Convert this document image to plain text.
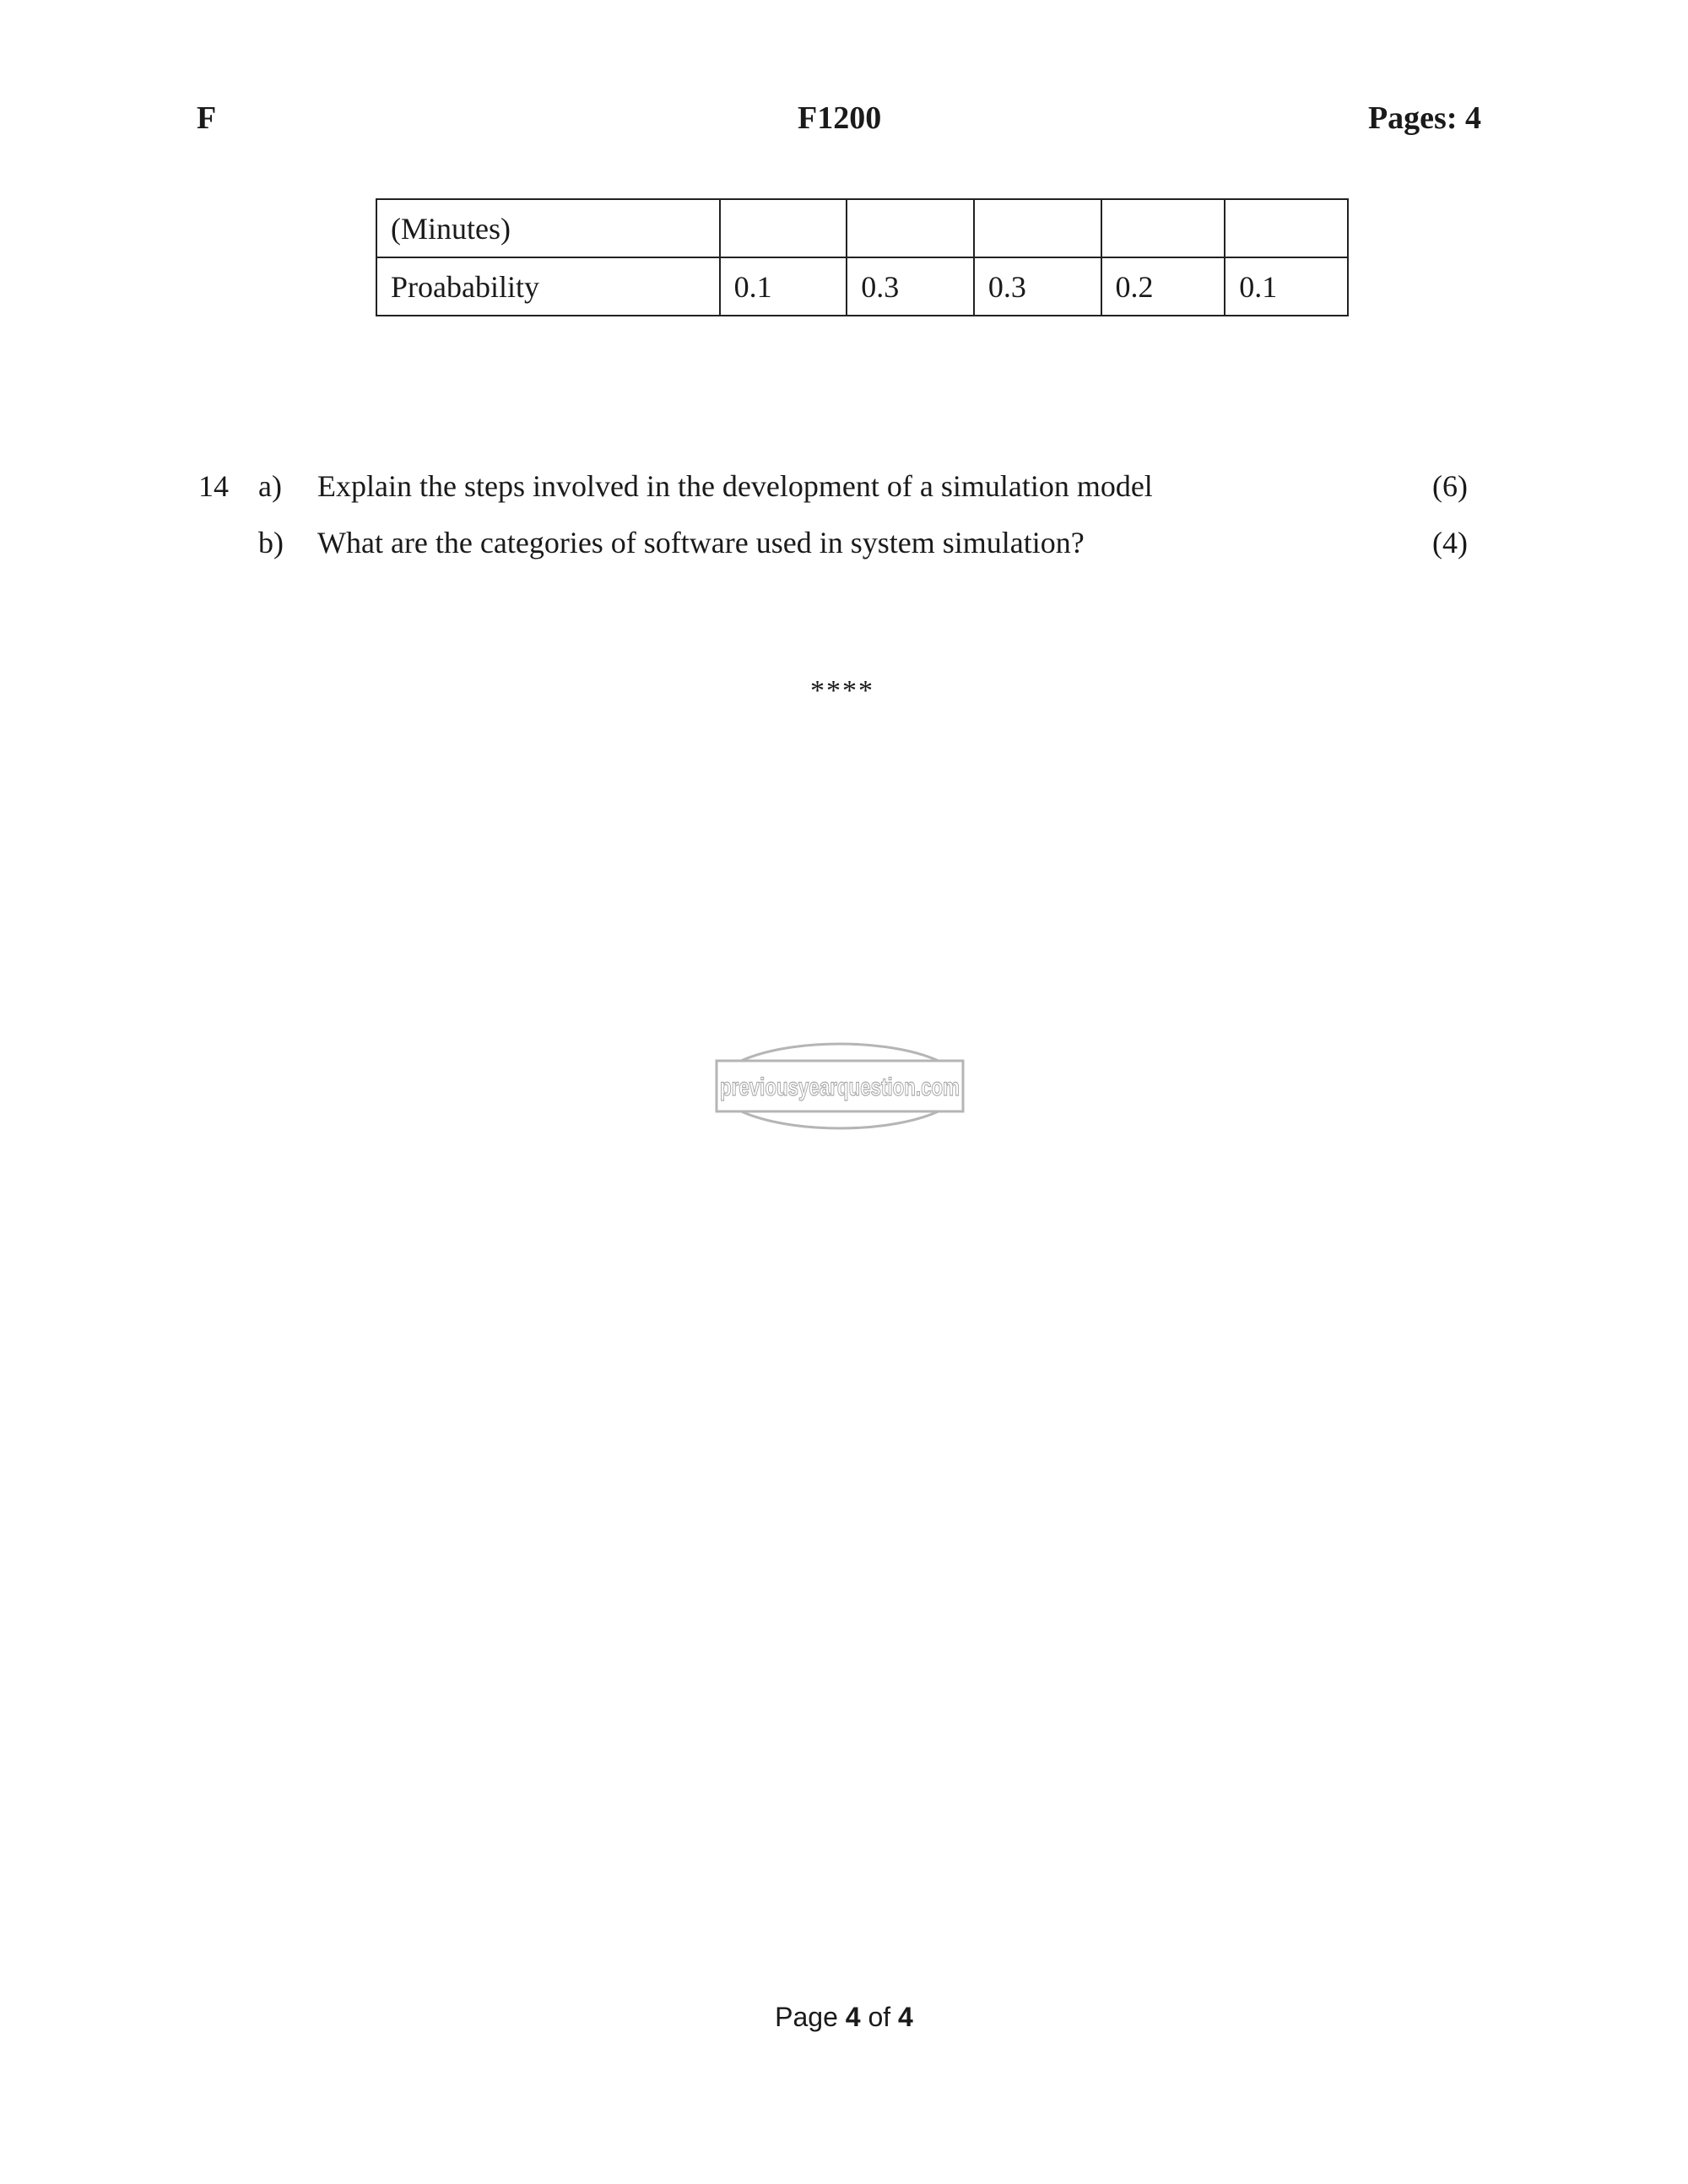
F	F1200	Pages: 4
(Minutes)					
Proabability	0.1	0.3	0.3	0.2	0.1
14 a) Explain the steps involved in the development of a simulation model	(6)
b) What are the categories of software used in system simulation?	(4)
****
previousyearquestion.com
Page 4 of 4
